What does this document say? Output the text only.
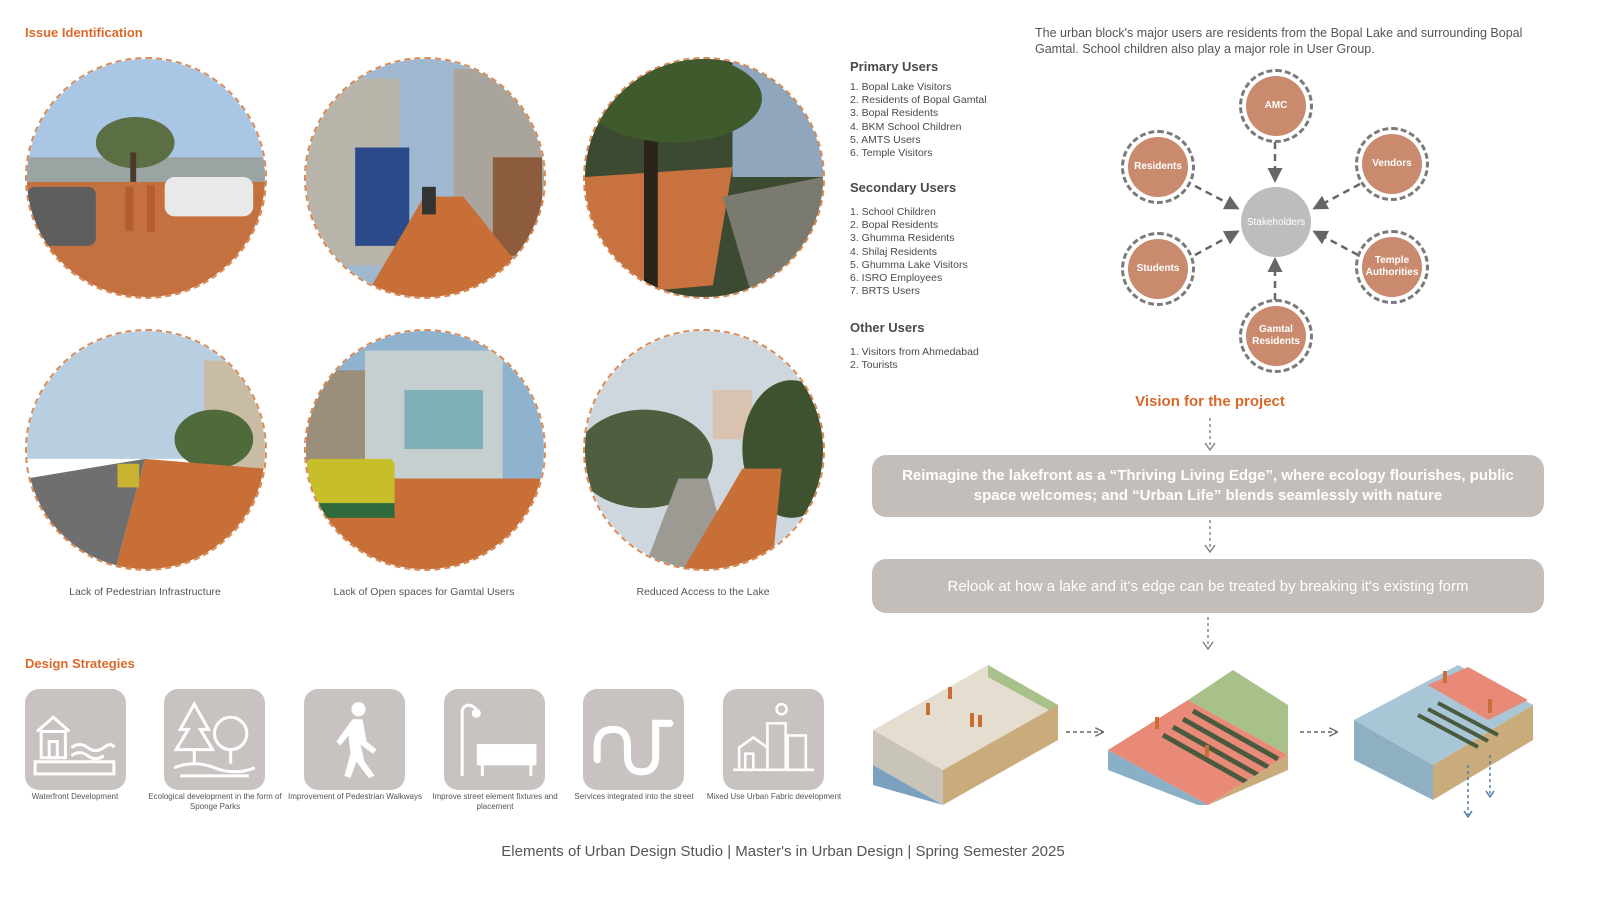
Issue Identification
Lack of Pedestrian Infrastructure	Lack of Open spaces for Gamtal Users	Reduced Access to the Lake
Primary Users
1. Bopal Lake Visitors
2. Residents of Bopal Gamtal
3. Bopal Residents
4. BKM School Children
5. AMTS Users
6. Temple Visitors
Secondary Users
1. School Children
2. Bopal Residents
3. Ghumma Residents
4. Shilaj Residents
5. Ghumma Lake Visitors
6. ISRO Employees
7. BRTS Users
Other Users
1. Visitors from Ahmedabad
2. Tourists
The urban block's major users are residents from the Bopal Lake and surrounding Bopal Gamtal. School children also play a major role in User Group.
Stakeholders
AMC
Residents	Vendors
Students
Temple Authorities
Gamtal Residents
Vision for the project
Reimagine the lakefront as a “Thriving Living Edge”, where ecology flourishes, public space welcomes; and “Urban Life” blends seamlessly with nature
Relook at how a lake and it's edge can be treated by breaking it's existing form
Design Strategies
Waterfront Development	Ecological development in the form of Sponge Parks
Improvement of Pedestrian Walkways	Improve street element fixtures and placement
Services integrated into the street	Mixed Use Urban Fabric development
Elements of Urban Design Studio | Master's in Urban Design | Spring Semester 2025
